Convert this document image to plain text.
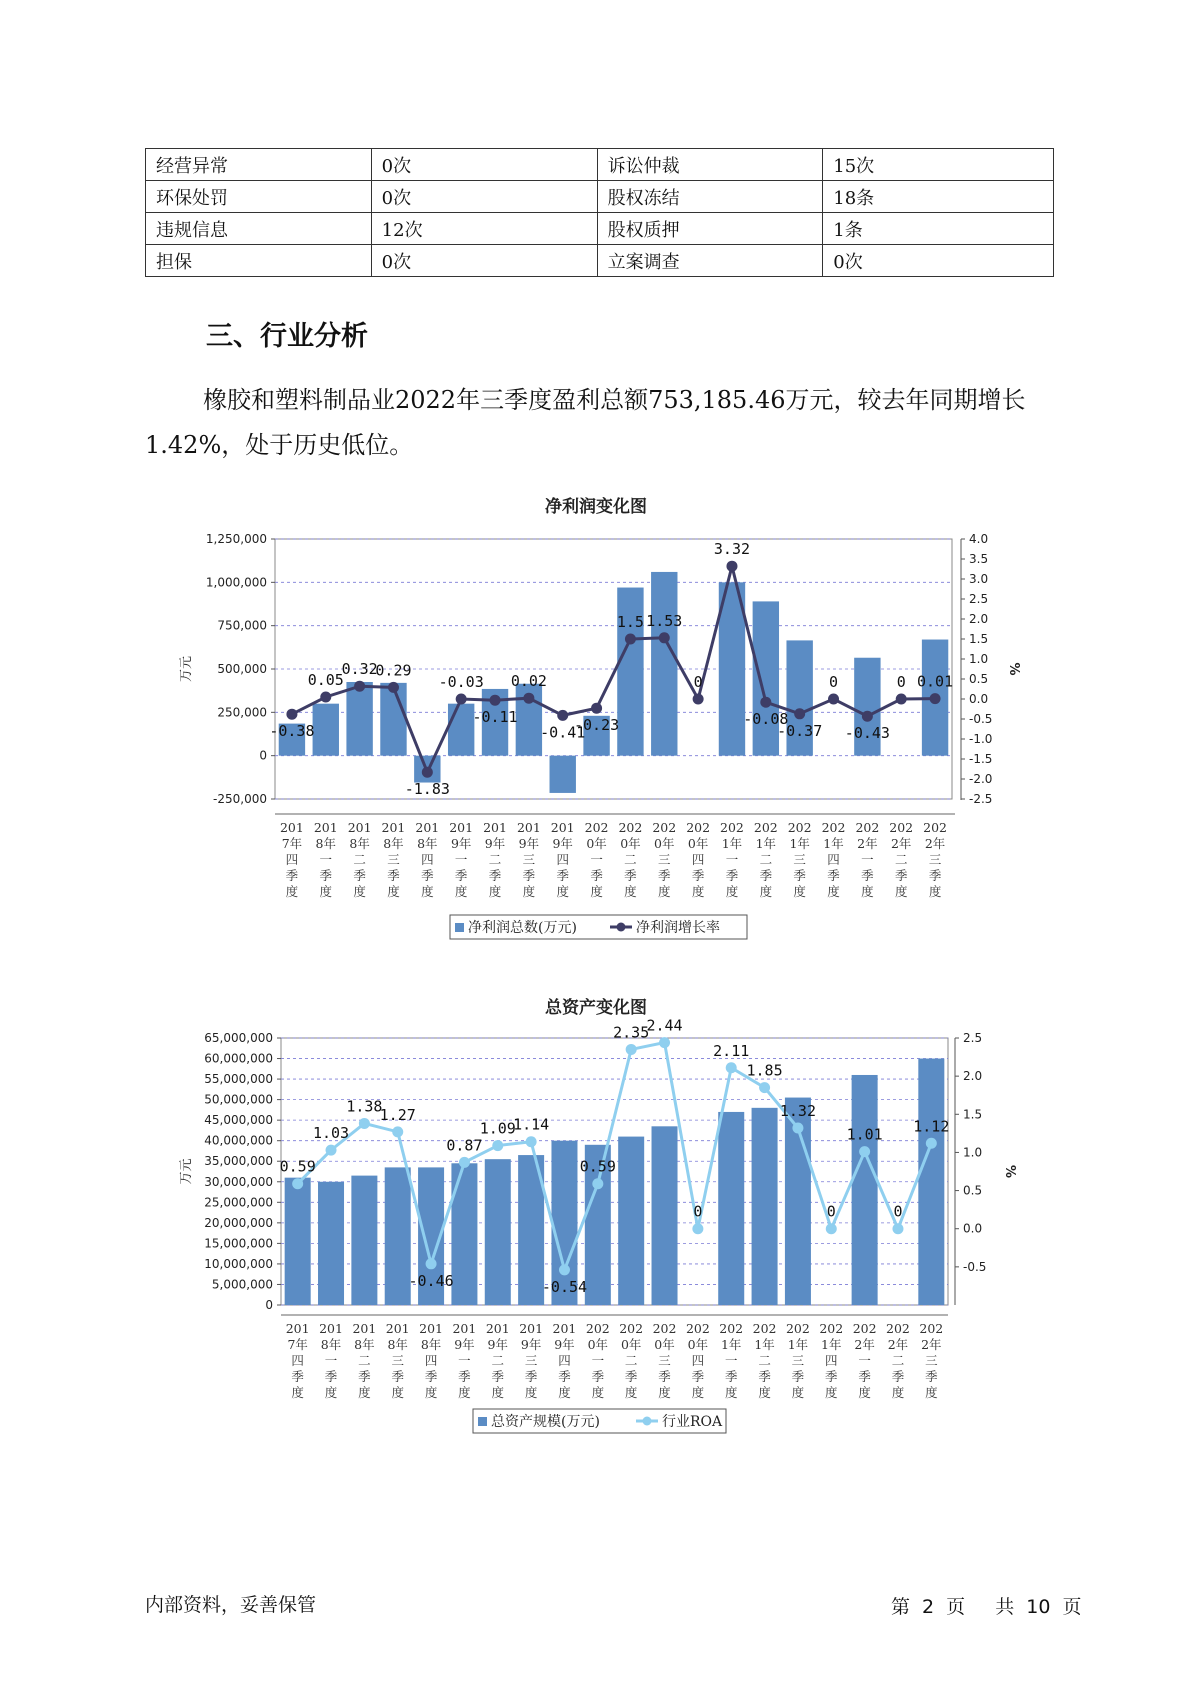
经营异常	0次	诉讼仲裁	15次
环保处罚	0次	股权冻结	18条
违规信息	12次	股权质押	1条
担保	0次	立案调查	0次
三、行业分析

橡胶和塑料制品业2022年三季度盈利总额753,185.46万元，较去年同期增长1.42%，处于历史低位。

净利润变化图
1,250,000
1,000,000
750,000
500,000
250,000
0
-250,000
4.0
3.5
3.0
2.5
2.0
1.5
1.0
0.5
0.0
-0.5
-1.0
-1.5
-2.0
-2.5
万元	%
-0.38
0.05
0.32
0.29
-1.83
-0.03
-0.11
0.02
-0.41
-0.23
1.5 1.53
0
3.32
-0.08
-0.37
0
-0.43
0 0.01
201
7年
四
季
度
201
8年
一
季
度
201
8年
二
季
度
201
8年
三
季
度
201
8年
四
季
度
201
9年
一
季
度
201
9年
二
季
度
201
9年
三
季
度
201
9年
四
季
度
202
0年
一
季
度
202
0年
二
季
度
202
0年
三
季
度
202
0年
四
季
度
202
1年
一
季
度
202
1年
二
季
度
202
1年
三
季
度
202
1年
四
季
度
202
2年
一
季
度
202
2年
二
季
度
202
2年
三
季
度
净利润总数(万元)	净利润增长率
总资产变化图
65,000,000
60,000,000
55,000,000
50,000,000
45,000,000
40,000,000
35,000,000
30,000,000
25,000,000
20,000,000
15,000,000
10,000,000
5,000,000
0
2.5
2.0
1.5
1.0
0.5
0.0
-0.5
万元	%
0.59
1.03
1.38
1.27
-0.46
0.87
1.09
1.14
-0.54
0.59
2.35
2.44
0
2.11
1.85
1.32
0
1.01
0
1.12
201
7年
四
季
度
201
8年
一
季
度
201
8年
二
季
度
201
8年
三
季
度
201
8年
四
季
度
201
9年
一
季
度
201
9年
二
季
度
201
9年
三
季
度
201
9年
四
季
度
202
0年
一
季
度
202
0年
二
季
度
202
0年
三
季
度
202
0年
四
季
度
202
1年
一
季
度
202
1年
二
季
度
202
1年
三
季
度
202
1年
四
季
度
202
2年
一
季
度
202
2年
二
季
度
202
2年
三
季
度
总资产规模(万元)	行业ROA
内部资料，妥善保管	第 2 页 共 10 页
